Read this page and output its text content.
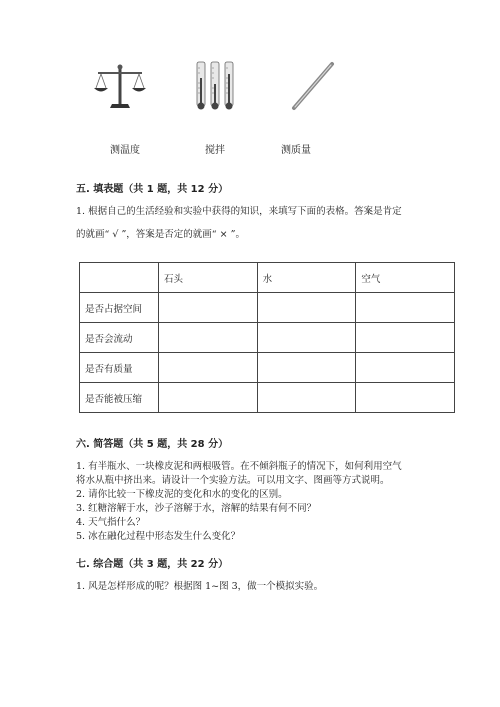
测温度	搅拌	测质量
五. 填表题（共 1 题，共 12 分）
1. 根据自己的生活经验和实验中获得的知识，来填写下面的表格。答案是肯定
的就画“ √ ”，答案是否定的就画“ × ”。
	石头	水	空气
是否占据空间			
是否会流动			
是否有质量			
是否能被压缩			
六. 简答题（共 5 题，共 28 分）
1. 有半瓶水、一块橡皮泥和两根吸管。在不倾斜瓶子的情况下，如何利用空气
将水从瓶中挤出来。请设计一个实验方法。可以用文字、图画等方式说明。
2. 请你比较一下橡皮泥的变化和水的变化的区别。
3. 红糖溶解于水，沙子溶解于水，溶解的结果有何不同？
4. 天气指什么？
5. 冰在融化过程中形态发生什么变化？
七. 综合题（共 3 题，共 22 分）
1. 风是怎样形成的呢？根据图 1~图 3，做一个模拟实验。
